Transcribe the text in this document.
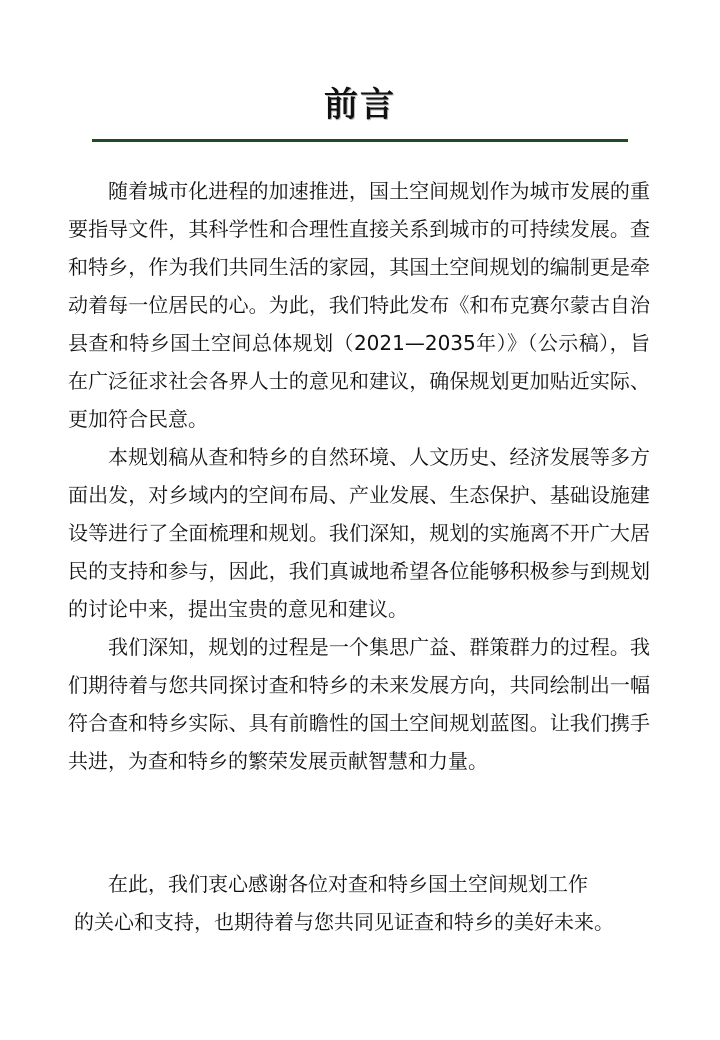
前言

随着城市化进程的加速推进，国土空间规划作为城市发展的重要指导文件，其科学性和合理性直接关系到城市的可持续发展。查和特乡，作为我们共同生活的家园，其国土空间规划的编制更是牵动着每一位居民的心。为此，我们特此发布《和布克赛尔蒙古自治县查和特乡国土空间总体规划（2021—2035年）》（公示稿），旨在广泛征求社会各界人士的意见和建议，确保规划更加贴近实际、更加符合民意。

本规划稿从查和特乡的自然环境、人文历史、经济发展等多方面出发，对乡域内的空间布局、产业发展、生态保护、基础设施建设等进行了全面梳理和规划。我们深知，规划的实施离不开广大居民的支持和参与，因此，我们真诚地希望各位能够积极参与到规划的讨论中来，提出宝贵的意见和建议。

我们深知，规划的过程是一个集思广益、群策群力的过程。我们期待着与您共同探讨查和特乡的未来发展方向，共同绘制出一幅符合查和特乡实际、具有前瞻性的国土空间规划蓝图。让我们携手共进，为查和特乡的繁荣发展贡献智慧和力量。

在此，我们衷心感谢各位对查和特乡国土空间规划工作
的关心和支持，也期待着与您共同见证查和特乡的美好未来。
